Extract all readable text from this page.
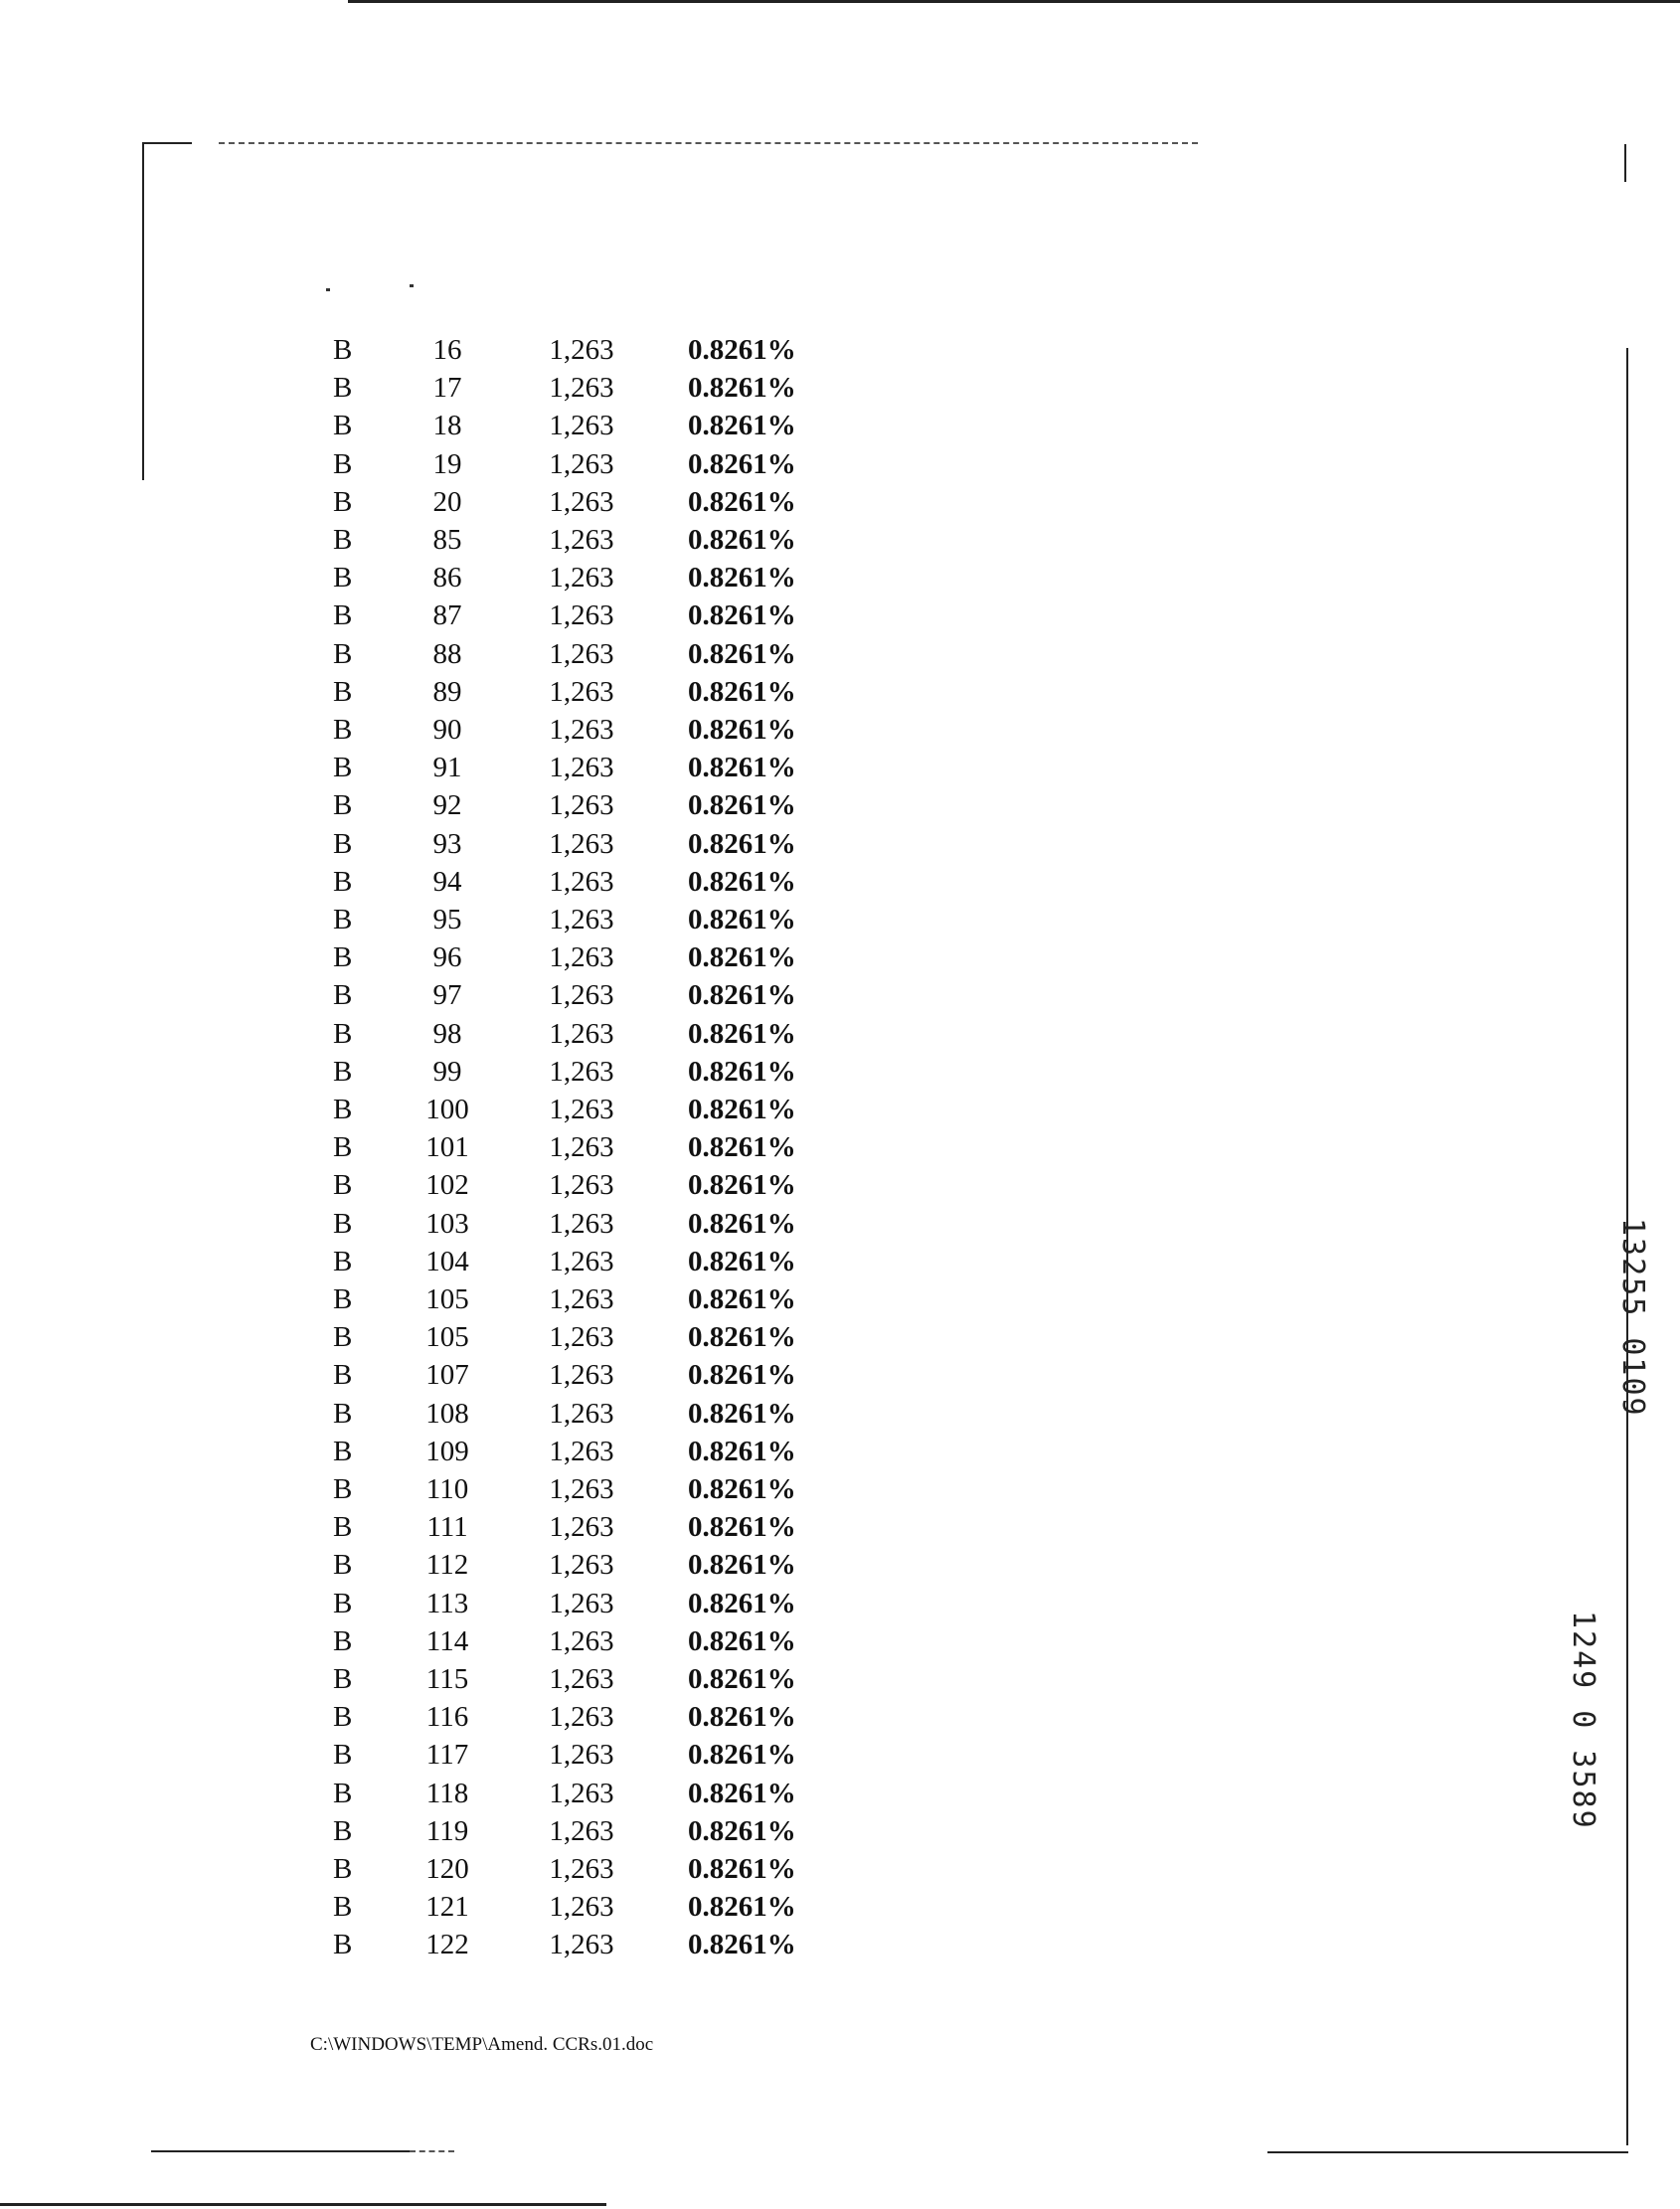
B	16	1,263	0.8261%
B	17	1,263	0.8261%
B	18	1,263	0.8261%
B	19	1,263	0.8261%
B	20	1,263	0.8261%
B	85	1,263	0.8261%
B	86	1,263	0.8261%
B	87	1,263	0.8261%
B	88	1,263	0.8261%
B	89	1,263	0.8261%
B	90	1,263	0.8261%
B	91	1,263	0.8261%
B	92	1,263	0.8261%
B	93	1,263	0.8261%
B	94	1,263	0.8261%
B	95	1,263	0.8261%
B	96	1,263	0.8261%
B	97	1,263	0.8261%
B	98	1,263	0.8261%
B	99	1,263	0.8261%
B	100	1,263	0.8261%
B	101	1,263	0.8261%
B	102	1,263	0.8261%
B	103	1,263	0.8261%
B	104	1,263	0.8261%
B	105	1,263	0.8261%
B	105	1,263	0.8261%
B	107	1,263	0.8261%
B	108	1,263	0.8261%
B	109	1,263	0.8261%
B	110	1,263	0.8261%
B	111	1,263	0.8261%
B	112	1,263	0.8261%
B	113	1,263	0.8261%
B	114	1,263	0.8261%
B	115	1,263	0.8261%
B	116	1,263	0.8261%
B	117	1,263	0.8261%
B	118	1,263	0.8261%
B	119	1,263	0.8261%
B	120	1,263	0.8261%
B	121	1,263	0.8261%
B	122	1,263	0.8261%
C:\WINDOWS\TEMP\Amend. CCRs.01.doc
13255 0109
1249 0 3589
